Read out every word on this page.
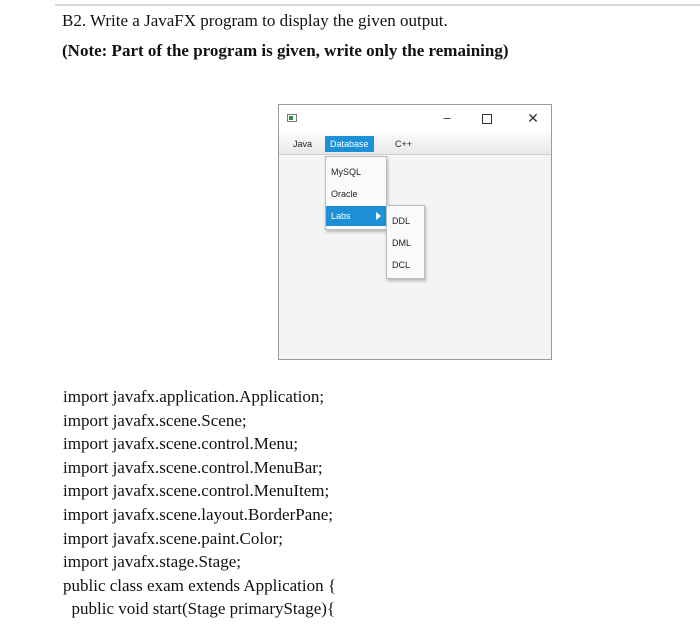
B2. Write a JavaFX program to display the given output.
(Note: Part of the program is given, write only the remaining)
–	✕
Java	Database	C++
MySQL
Oracle
Labs	DDL
DML
DCL
import javafx.application.Application;
import javafx.scene.Scene;
import javafx.scene.control.Menu;
import javafx.scene.control.MenuBar;
import javafx.scene.control.MenuItem;
import javafx.scene.layout.BorderPane;
import javafx.scene.paint.Color;
import javafx.stage.Stage;
public class exam extends Application {
public void start(Stage primaryStage){
